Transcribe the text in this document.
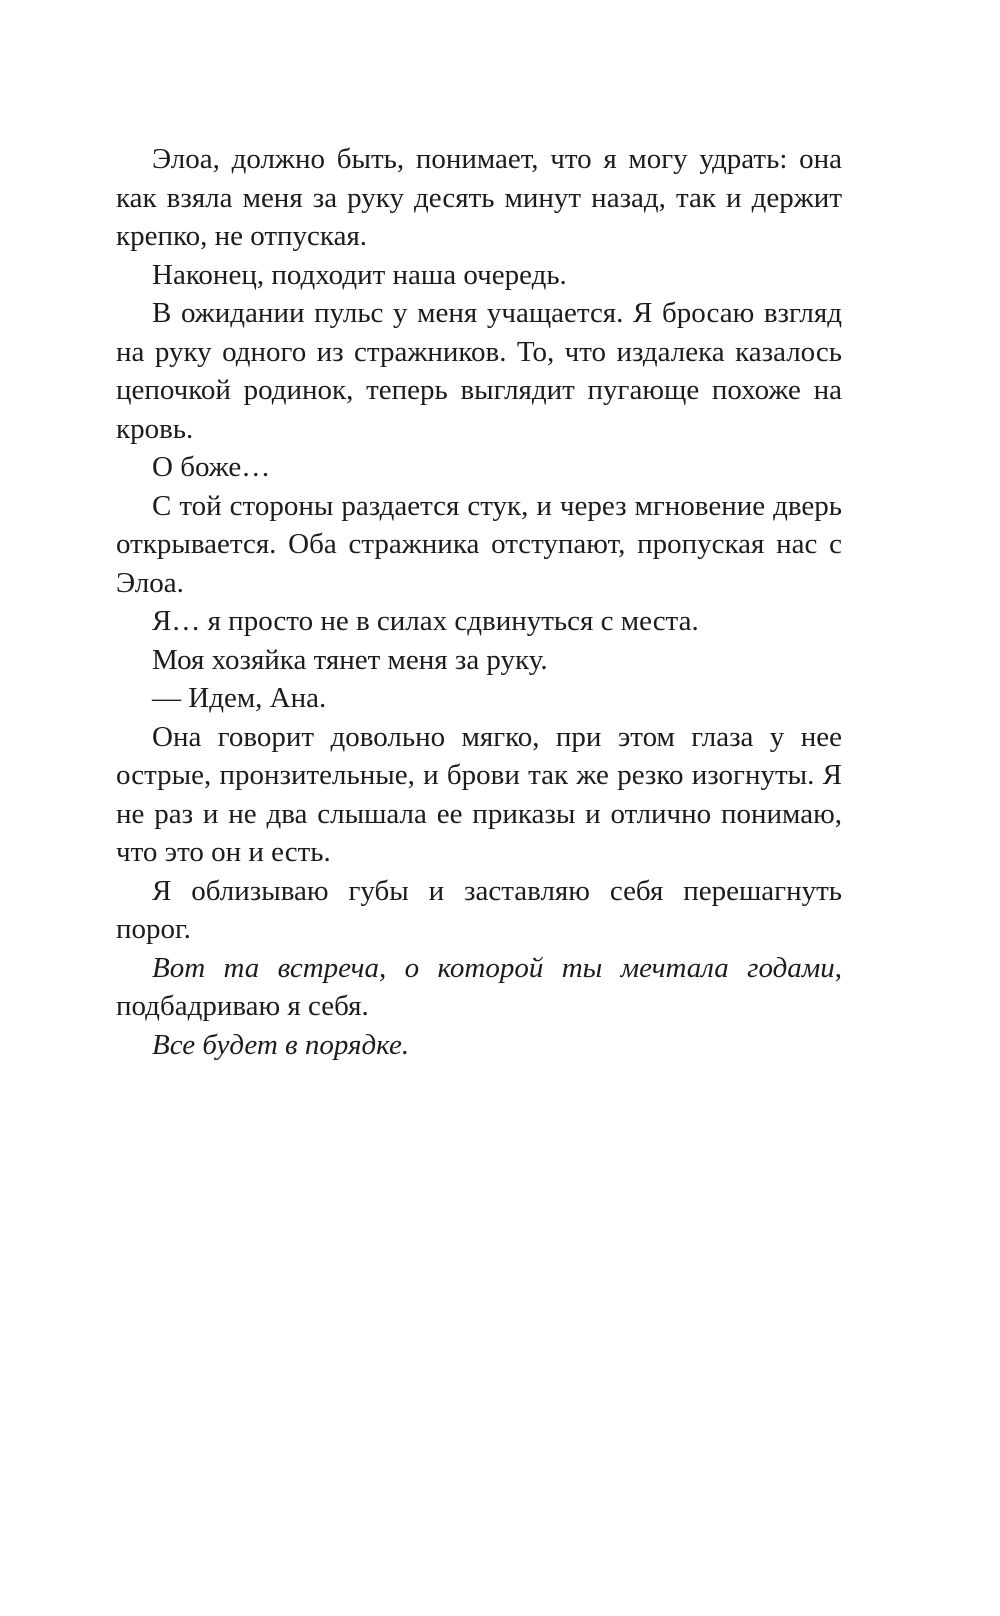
Элоа, должно быть, понимает, что я могу удрать: она как взяла меня за руку десять минут назад, так и держит крепко, не отпуская.

Наконец, подходит наша очередь.

В ожидании пульс у меня учащается. Я бросаю взгляд на руку одного из стражников. То, что издалека казалось цепочкой родинок, теперь выглядит пугающе похоже на кровь.

О боже…

С той стороны раздается стук, и через мгновение дверь открывается. Оба стражника отступают, пропуская нас с Элоа.

Я… я просто не в силах сдвинуться с места.

Моя хозяйка тянет меня за руку.

— Идем, Ана.

Она говорит довольно мягко, при этом глаза у нее острые, пронзительные, и брови так же резко изогнуты. Я не раз и не два слышала ее приказы и отлично понимаю, что это он и есть.

Я облизываю губы и заставляю себя перешагнуть порог.

Вот та встреча, о которой ты мечтала годами, подбадриваю я себя.

Все будет в порядке.
